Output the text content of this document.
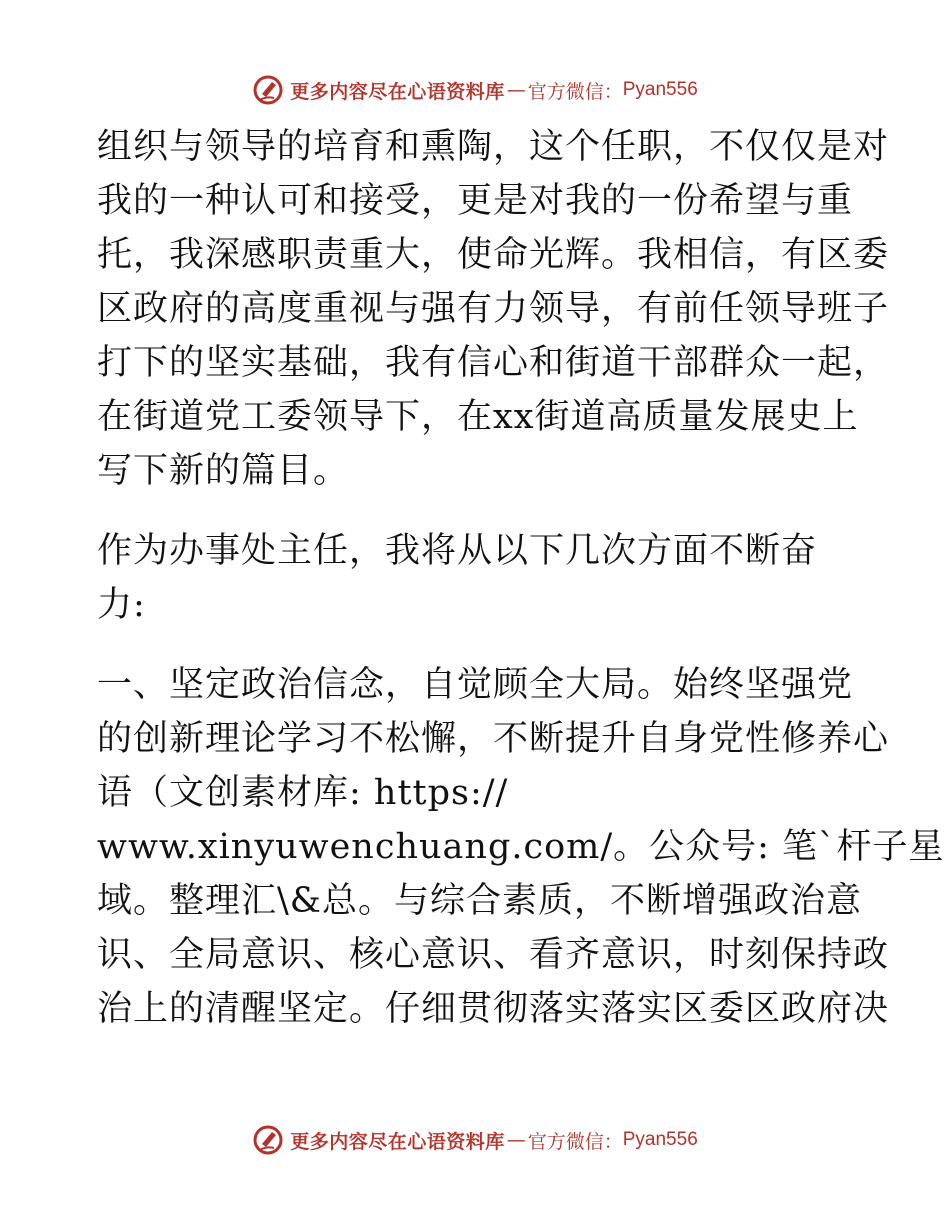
更多内容尽在心语资料库 — 官方微信： Pyan556
组织与领导的培育和熏陶，这个任职，不仅仅是对
我的一种认可和接受，更是对我的一份希望与重
托，我深感职责重大，使命光辉。我相信，有区委
区政府的高度重视与强有力领导，有前任领导班子
打下的坚实基础，我有信心和街道干部群众一起，
在街道党工委领导下，在xx街道高质量发展史上
写下新的篇目。
作为办事处主任，我将从以下几次方面不断奋
力:
一、坚定政治信念，自觉顾全大局。始终坚强党
的创新理论学习不松懈，不断提升自身党性修养心
语（文创素材库: https://
www.xinyuwenchuang.com/。公众号: 笔`杆子星
域。整理汇\&总。与综合素质，不断增强政治意
识、全局意识、核心意识、看齐意识，时刻保持政
治上的清醒坚定。仔细贯彻落实落实区委区政府决
更多内容尽在心语资料库 — 官方微信： Pyan556
